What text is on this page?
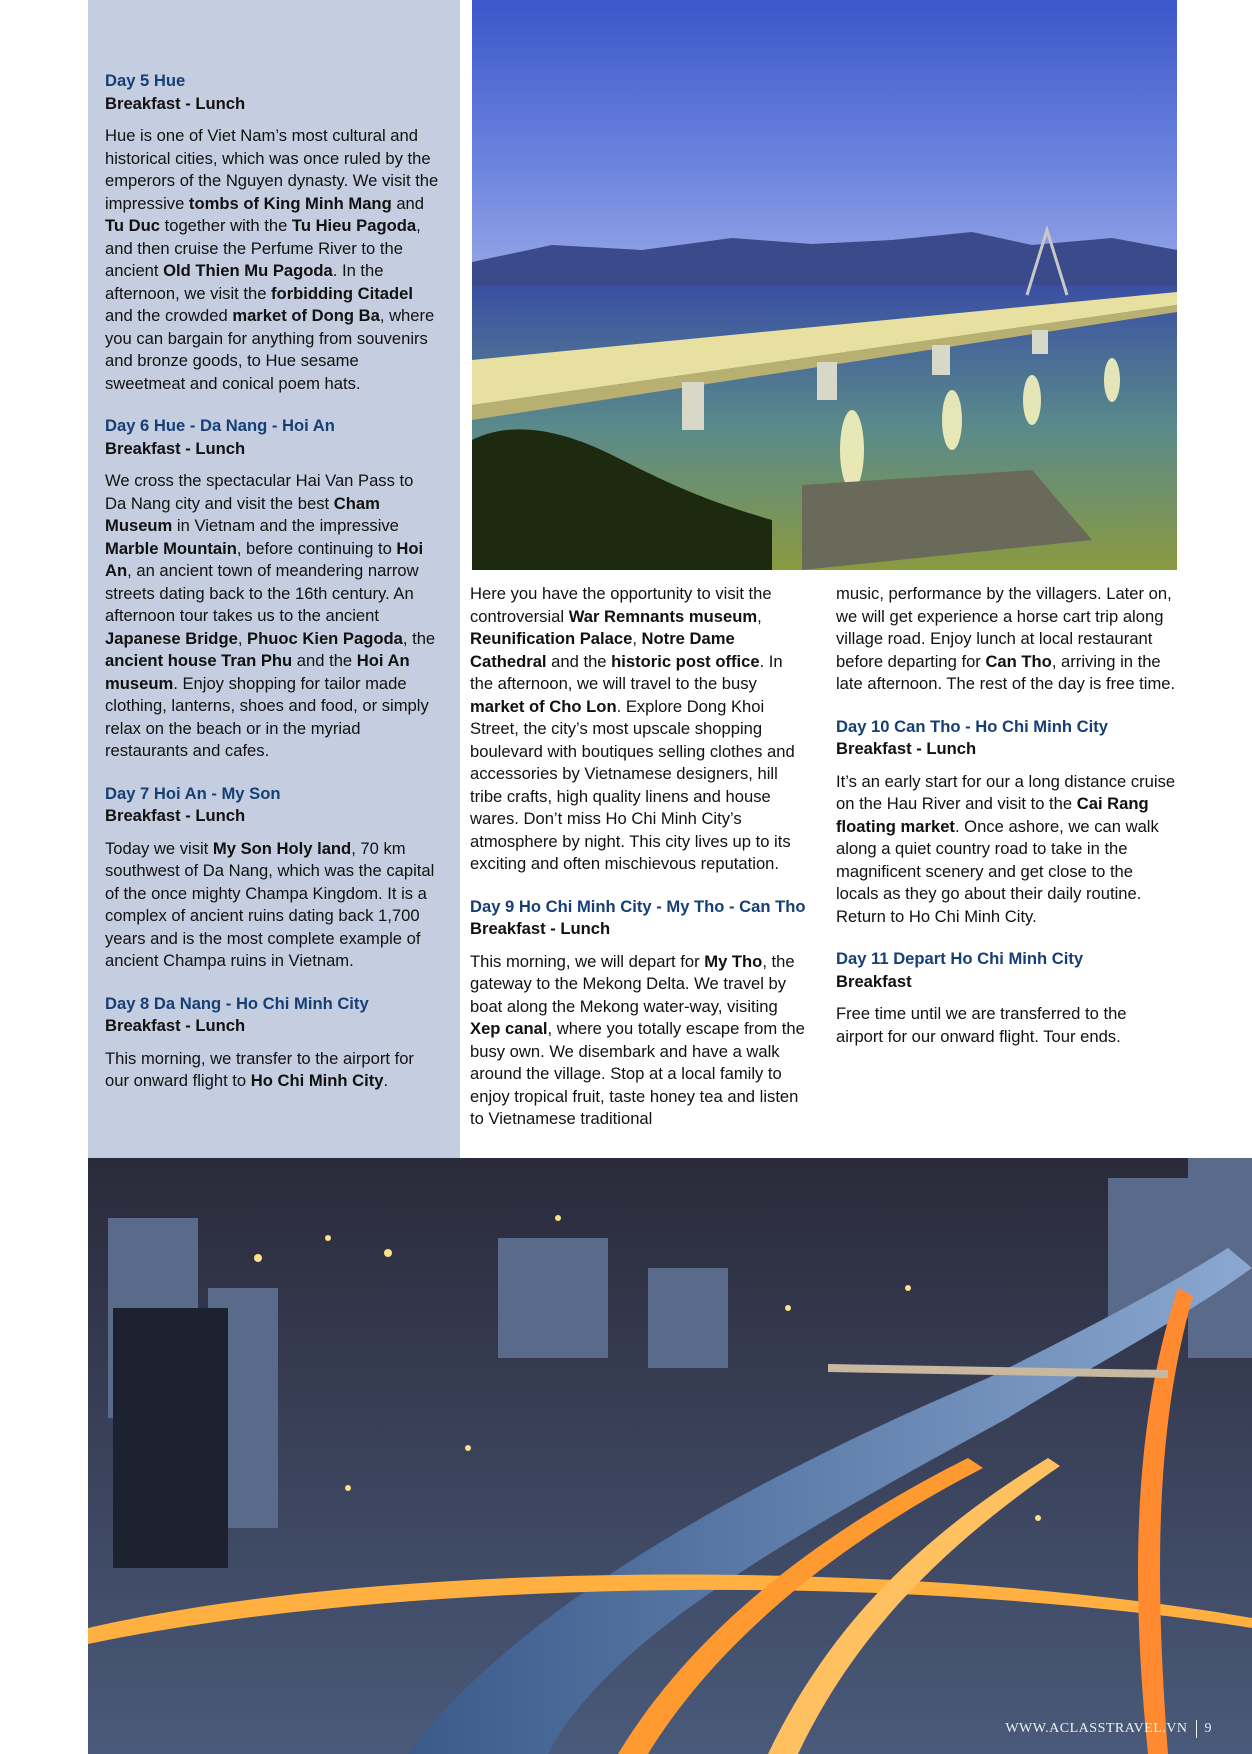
Day 5 Hue

Breakfast - Lunch

Hue is one of Viet Nam’s most cultural and historical cities, which was once ruled by the emperors of the Nguyen dynasty. We visit the impressive tombs of King Minh Mang and Tu Duc together with the Tu Hieu Pagoda, and then cruise the Perfume River to the ancient Old Thien Mu Pagoda. In the afternoon, we visit the forbidding Citadel and the crowded market of Dong Ba, where you can bargain for anything from souvenirs and bronze goods, to Hue sesame sweetmeat and conical poem hats.

Day 6 Hue - Da Nang - Hoi An

Breakfast - Lunch

We cross the spectacular Hai Van Pass to Da Nang city and visit the best Cham Museum in Vietnam and the impressive Marble Mountain, before continuing to Hoi An, an ancient town of meandering narrow streets dating back to the 16th century. An afternoon tour takes us to the ancient Japanese Bridge, Phuoc Kien Pagoda, the ancient house Tran Phu and the Hoi An museum. Enjoy shopping for tailor made clothing, lanterns, shoes and food, or simply relax on the beach or in the myriad restaurants and cafes.

Day 7 Hoi An - My Son

Breakfast - Lunch

Today we visit My Son Holy land, 70 km southwest of Da Nang, which was the capital of the once mighty Champa Kingdom. It is a complex of ancient ruins dating back 1,700 years and is the most complete example of ancient Champa ruins in Vietnam.

Day 8 Da Nang - Ho Chi Minh City

Breakfast - Lunch

This morning, we transfer to the airport for our onward flight to Ho Chi Minh City.

Here you have the opportunity to visit the controversial War Remnants museum, Reunification Palace, Notre Dame Cathedral and the historic post office. In the afternoon, we will travel to the busy market of Cho Lon. Explore Dong Khoi Street, the city’s most upscale shopping boulevard with boutiques selling clothes and accessories by Vietnamese designers, hill tribe crafts, high quality linens and house wares. Don’t miss Ho Chi Minh City’s atmosphere by night. This city lives up to its exciting and often mischievous reputation.

Day 9 Ho Chi Minh City - My Tho - Can Tho

Breakfast - Lunch

This morning, we will depart for My Tho, the gateway to the Mekong Delta. We travel by boat along the Mekong water-way, visiting Xep canal, where you totally escape from the busy own. We disembark and have a walk around the village. Stop at a local family to enjoy tropical fruit, taste honey tea and listen to Vietnamese traditional

music, performance by the villagers. Later on, we will get experience a horse cart trip along village road. Enjoy lunch at local restaurant before departing for Can Tho, arriving in the late afternoon. The rest of the day is free time.

Day 10 Can Tho - Ho Chi Minh City

Breakfast - Lunch

It’s an early start for our a long distance cruise on the Hau River and visit to the Cai Rang floating market. Once ashore, we can walk along a quiet country road to take in the magnificent scenery and get close to the locals as they go about their daily routine. Return to Ho Chi Minh City.

Day 11 Depart Ho Chi Minh City

Breakfast

Free time until we are transferred to the airport for our onward flight. Tour ends.

WWW.ACLASSTRAVEL.VN 9
